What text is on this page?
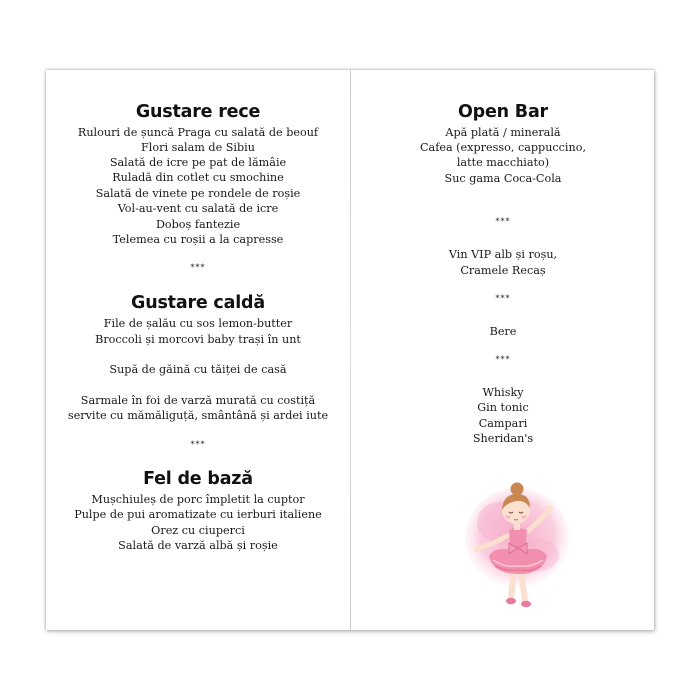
Gustare rece
Rulouri de șuncă Praga cu salată de beouf
Flori salam de Sibiu
Salată de icre pe pat de lămâie
Ruladă din cotlet cu smochine
Salată de vinete pe rondele de roșie
Vol-au-vent cu salată de icre
Doboș fantezie
Telemea cu roșii a la capresse
***
Gustare caldă
File de șalău cu sos lemon-butter
Broccoli și morcovi baby trași în unt
Supă de găină cu tăiței de casă
Sarmale în foi de varză murată cu costiță
servite cu mămăliguță, smântână și ardei iute
***
Fel de bază
Mușchiuleș de porc împletit la cuptor
Pulpe de pui aromatizate cu ierburi italiene
Orez cu ciuperci
Salată de varză albă și roșie
Open Bar
Apă plată / minerală
Cafea (expresso, cappuccino,
latte macchiato)
Suc gama Coca-Cola
***
Vin VIP alb și roșu,
Cramele Recaș
***
Bere
***
Whisky
Gin tonic
Campari
Sheridan's
